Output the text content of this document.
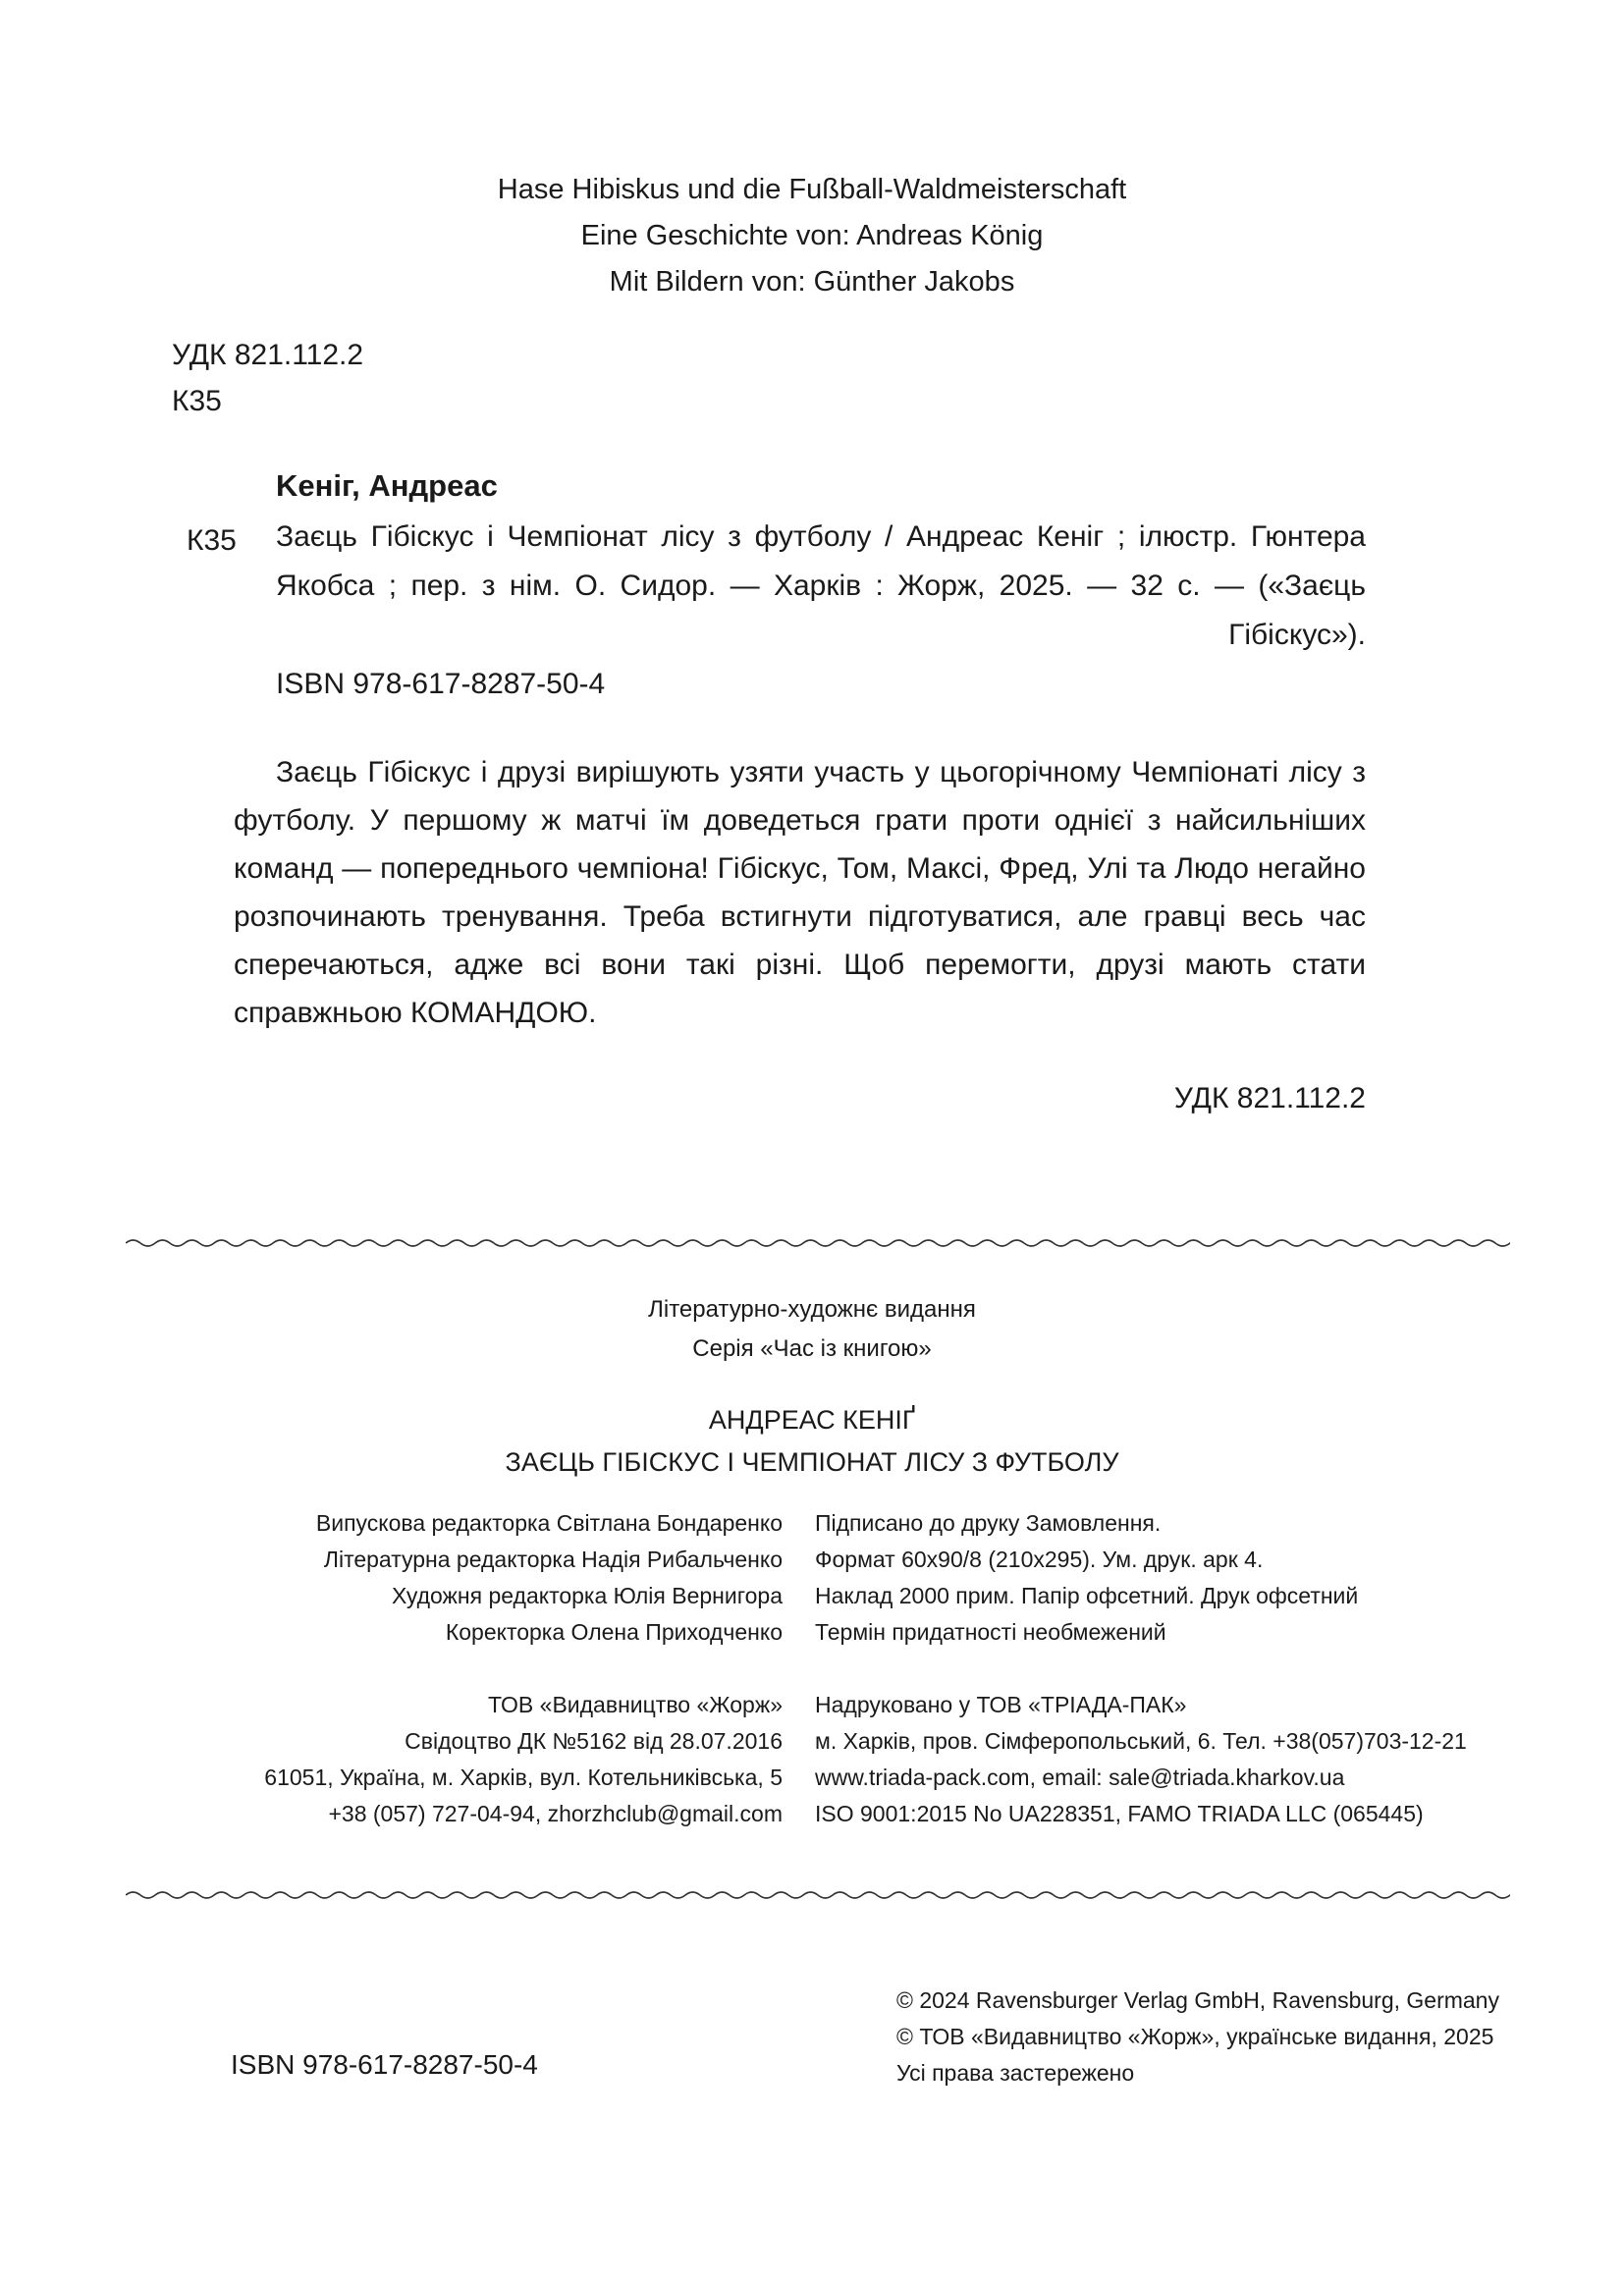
Hase Hibiskus und die Fußball-Waldmeisterschaft
Eine Geschichte von: Andreas König
Mit Bildern von: Günther Jakobs
УДК 821.112.2
К35
Keніг, Андреас
К35 Заєць Гібіскус і Чемпіонат лісу з футболу / Андреас Кеніг ; ілюстр. Гюнтера Якобса ; пер. з нім. О. Сидор. — Харків : Жорж, 2025. — 32 с. — («Заєць Гібіскус»).
ISBN 978-617-8287-50-4
Заєць Гібіскус і друзі вирішують узяти участь у цьогорічному Чемпіонаті лісу з футболу. У першому ж матчі їм доведеться грати проти однієї з найсильніших команд — попереднього чемпіона! Гібіскус, Том, Максі, Фред, Улі та Людо негайно розпочинають тренування. Треба встигнути підготуватися, але гравці весь час сперечаються, адже всі вони такі різні. Щоб перемогти, друзі мають стати справжньою КОМАНДОЮ.
УДК 821.112.2
Літературно-художнє видання
Серія «Час із книгою»
АНДРЕАС КЕНІҐ
ЗАЄЦЬ ГІБІСКУС І ЧЕМПІОНАТ ЛІСУ З ФУТБОЛУ
Випускова редакторка Світлана Бондаренко
Літературна редакторка Надія Рибальченко
Художня редакторка Юлія Вернигора
Коректорка Олена Приходченко
Підписано до друку Замовлення.
Формат 60х90/8 (210х295). Ум. друк. арк 4.
Наклад 2000 прим. Папір офсетний. Друк офсетний
Термін придатності необмежений
ТОВ «Видавництво «Жорж»
Свідоцтво ДК №5162 від 28.07.2016
61051, Україна, м. Харків, вул. Котельниківська, 5
+38 (057) 727-04-94, zhorzhclub@gmail.com
Надруковано у ТОВ «ТРІАДА-ПАК»
м. Харків, пров. Сімферопольський, 6. Тел. +38(057)703-12-21
www.triada-pack.com, email: sale@triada.kharkov.ua
ISO 9001:2015 No UA228351, FAMO TRIADA LLC (065445)
© 2024 Ravensburger Verlag GmbH, Ravensburg, Germany
© ТОВ «Видавництво «Жорж», українське видання, 2025
Усі права застережено
ISBN 978-617-8287-50-4
